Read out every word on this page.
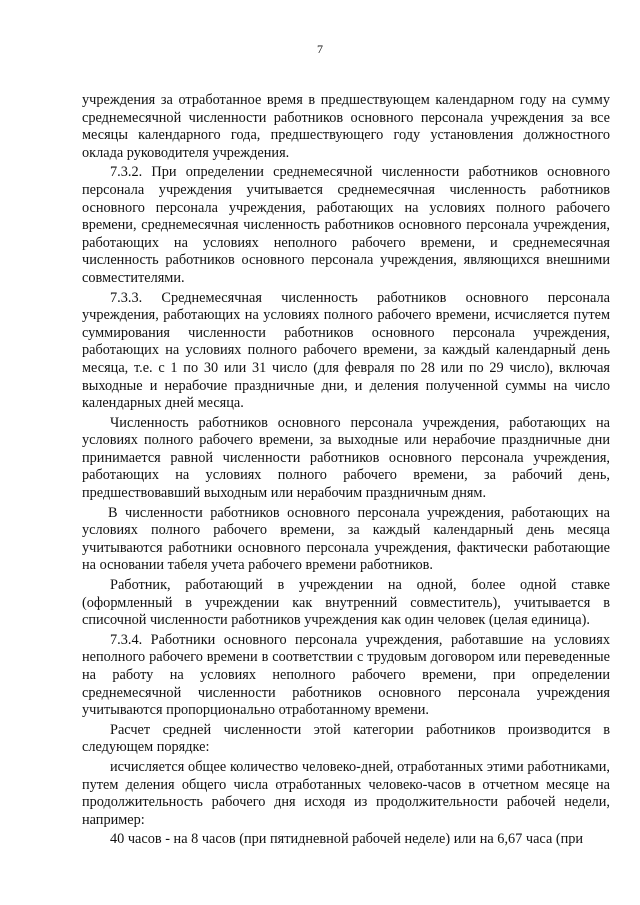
7

учреждения за отработанное время в предшествующем календарном году на сумму среднемесячной численности работников основного персонала учреждения за все месяцы календарного года, предшествующего году установления должностного оклада руководителя учреждения.

7.3.2. При определении среднемесячной численности работников основного персонала учреждения учитывается среднемесячная численность работников основного персонала учреждения, работающих на условиях полного рабочего времени, среднемесячная численность работников основного персонала учреждения, работающих на условиях неполного рабочего времени, и среднемесячная численность работников основного персонала учреждения, являющихся внешними совместителями.

7.3.3. Среднемесячная численность работников основного персонала учреждения, работающих на условиях полного рабочего времени, исчисляется путем суммирования численности работников основного персонала учреждения, работающих на условиях полного рабочего времени, за каждый календарный день месяца, т.е. с 1 по 30 или 31 число (для февраля по 28 или по 29 число), включая выходные и нерабочие праздничные дни, и деления полученной суммы на число календарных дней месяца.

Численность работников основного персонала учреждения, работающих на условиях полного рабочего времени, за выходные или нерабочие праздничные дни принимается равной численности работников основного персонала учреждения, работающих на условиях полного рабочего времени, за рабочий день, предшествовавший выходным или нерабочим праздничным дням.

В численности работников основного персонала учреждения, работающих на условиях полного рабочего времени, за каждый календарный день месяца учитываются работники основного персонала учреждения, фактически работающие на основании табеля учета рабочего времени работников.

Работник, работающий в учреждении на одной, более одной ставке (оформленный в учреждении как внутренний совместитель), учитывается в списочной численности работников учреждения как один человек (целая единица).

7.3.4. Работники основного персонала учреждения, работавшие на условиях неполного рабочего времени в соответствии с трудовым договором или переведенные на работу на условиях неполного рабочего времени, при определении среднемесячной численности работников основного персонала учреждения учитываются пропорционально отработанному времени.

Расчет средней численности этой категории работников производится в следующем порядке:

исчисляется общее количество человеко-дней, отработанных этими работниками, путем деления общего числа отработанных человеко-часов в отчетном месяце на продолжительность рабочего дня исходя из продолжительности рабочей недели, например:

40 часов - на 8 часов (при пятидневной рабочей неделе) или на 6,67 часа (при
